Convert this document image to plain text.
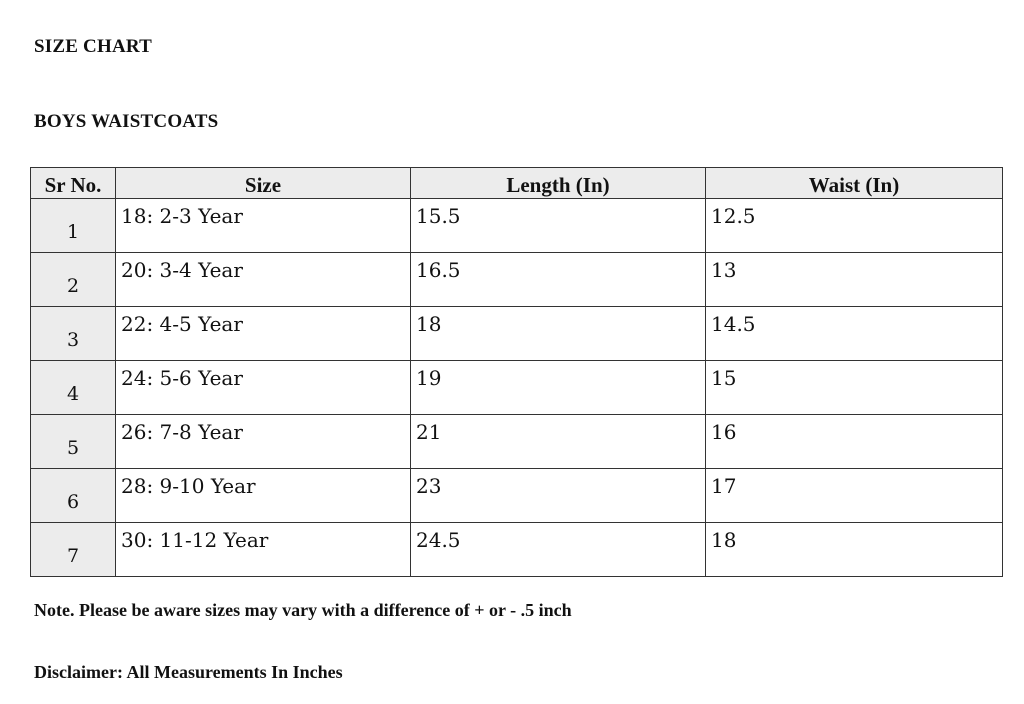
SIZE CHART
BOYS WAISTCOATS
Sr No.	Size	Length (In)	Waist (In)
1	18: 2-3 Year	15.5	12.5
2	20: 3-4 Year	16.5	13
3	22: 4-5 Year	18	14.5
4	24: 5-6 Year	19	15
5	26: 7-8 Year	21	16
6	28: 9-10 Year	23	17
7	30: 11-12 Year	24.5	18
Note. Please be aware sizes may vary with a difference of + or - .5 inch
Disclaimer: All Measurements In Inches
